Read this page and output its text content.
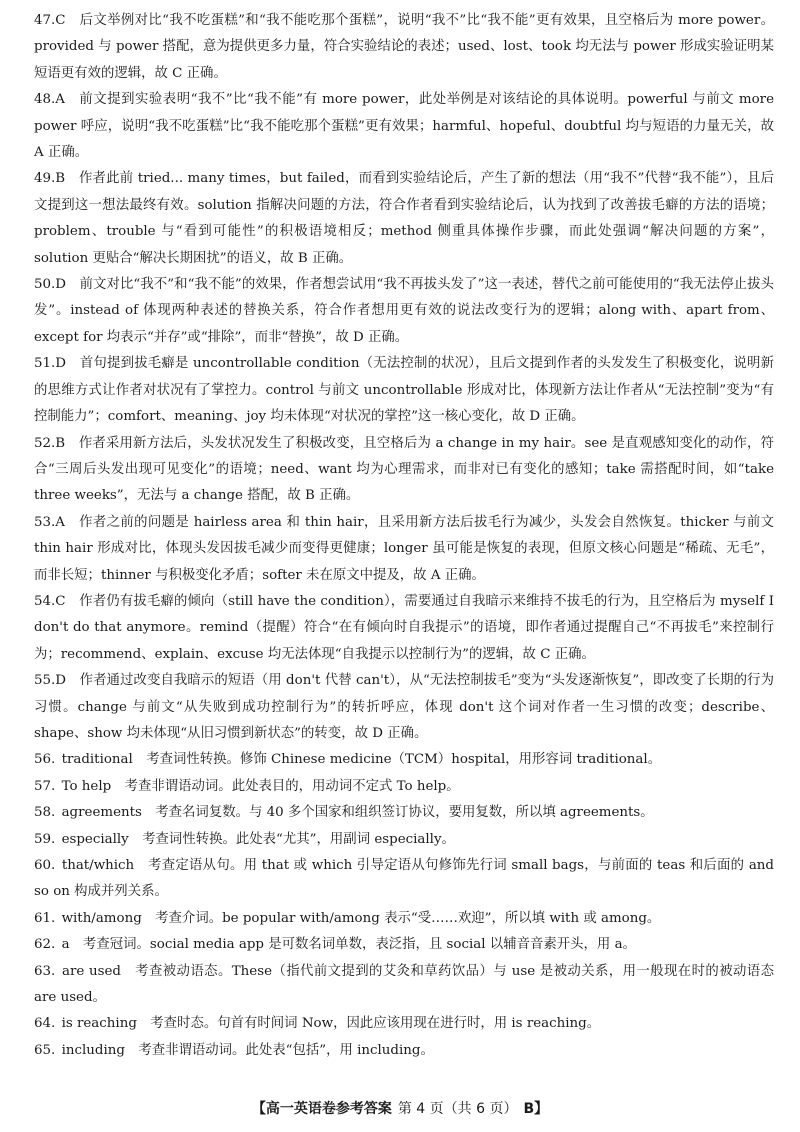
47.C　 后文举例对比“我不吃蛋糕”和“我不能吃那个蛋糕”，说明“我不”比“我不能”更有效果，且空格后为 more power。provided 与 power 搭配，意为提供更多力量，符合实验结论的表述；used、lost、took 均无法与 power 形成实验证明某短语更有效的逻辑，故 C 正确。
48.A　 前文提到实验表明“我不”比“我不能”有 more power，此处举例是对该结论的具体说明。powerful 与前文 more power 呼应，说明“我不吃蛋糕”比“我不能吃那个蛋糕”更有效果；harmful、hopeful、doubtful 均与短语的力量无关，故 A 正确。
49.B　 作者此前 tried... many times，but failed，而看到实验结论后，产生了新的想法（用“我不”代替“我不能”），且后文提到这一想法最终有效。solution 指解决问题的方法，符合作者看到实验结论后，认为找到了改善拔毛癖的方法的语境；problem、trouble 与“看到可能性”的积极语境相反；method 侧重具体操作步骤，而此处强调“解决问题的方案”，solution 更贴合“解决长期困扰”的语义，故 B 正确。
50.D　 前文对比“我不”和“我不能”的效果，作者想尝试用“我不再拔头发了”这一表述，替代之前可能使用的“我无法停止拔头发”。instead of 体现两种表述的替换关系，符合作者想用更有效的说法改变行为的逻辑；along with、apart from、except for 均表示“并存”或“排除”，而非“替换”，故 D 正确。
51.D　 首句提到拔毛癖是 uncontrollable condition（无法控制的状况），且后文提到作者的头发发生了积极变化，说明新的思维方式让作者对状况有了掌控力。control 与前文 uncontrollable 形成对比，体现新方法让作者从“无法控制”变为“有控制能力”；comfort、meaning、joy 均未体现“对状况的掌控”这一核心变化，故 D 正确。
52.B　 作者采用新方法后，头发状况发生了积极改变，且空格后为 a change in my hair。see 是直观感知变化的动作，符合“三周后头发出现可见变化”的语境；need、want 均为心理需求，而非对已有变化的感知；take 需搭配时间，如“take three weeks”，无法与 a change 搭配，故 B 正确。
53.A　 作者之前的问题是 hairless area 和 thin hair，且采用新方法后拔毛行为减少，头发会自然恢复。thicker 与前文 thin hair 形成对比，体现头发因拔毛减少而变得更健康；longer 虽可能是恢复的表现，但原文核心问题是“稀疏、无毛”，而非长短；thinner 与积极变化矛盾；softer 未在原文中提及，故 A 正确。
54.C　 作者仍有拔毛癖的倾向（still have the condition），需要通过自我暗示来维持不拔毛的行为，且空格后为 myself I don't do that anymore。remind（提醒）符合“在有倾向时自我提示”的语境，即作者通过提醒自己“不再拔毛”来控制行为；recommend、explain、excuse 均无法体现“自我提示以控制行为”的逻辑，故 C 正确。
55.D　 作者通过改变自我暗示的短语（用 don't 代替 can't），从“无法控制拔毛”变为“头发逐渐恢复”，即改变了长期的行为习惯。change 与前文“从失败到成功控制行为”的转折呼应，体现 don't 这个词对作者一生习惯的改变；describe、shape、show 均未体现“从旧习惯到新状态”的转变，故 D 正确。
56. traditional　考查词性转换。修饰 Chinese medicine（TCM）hospital，用形容词 traditional。
57. To help　考查非谓语动词。此处表目的，用动词不定式 To help。
58. agreements　考查名词复数。与 40 多个国家和组织签订协议，要用复数，所以填 agreements。
59. especially　考查词性转换。此处表“尤其”，用副词 especially。
60. that/which　考查定语从句。用 that 或 which 引导定语从句修饰先行词 small bags，与前面的 teas 和后面的 and so on 构成并列关系。
61. with/among　考查介词。be popular with/among 表示“受……欢迎”，所以填 with 或 among。
62. a　考查冠词。social media app 是可数名词单数，表泛指，且 social 以辅音音素开头，用 a。
63. are used　考查被动语态。These（指代前文提到的艾灸和草药饮品）与 use 是被动关系，用一般现在时的被动语态 are used。
64. is reaching　考查时态。句首有时间词 Now，因此应该用现在进行时，用 is reaching。
65. including　考查非谓语动词。此处表“包括”，用 including。
【高一英语卷参考答案 第 4 页（共 6 页） B】
